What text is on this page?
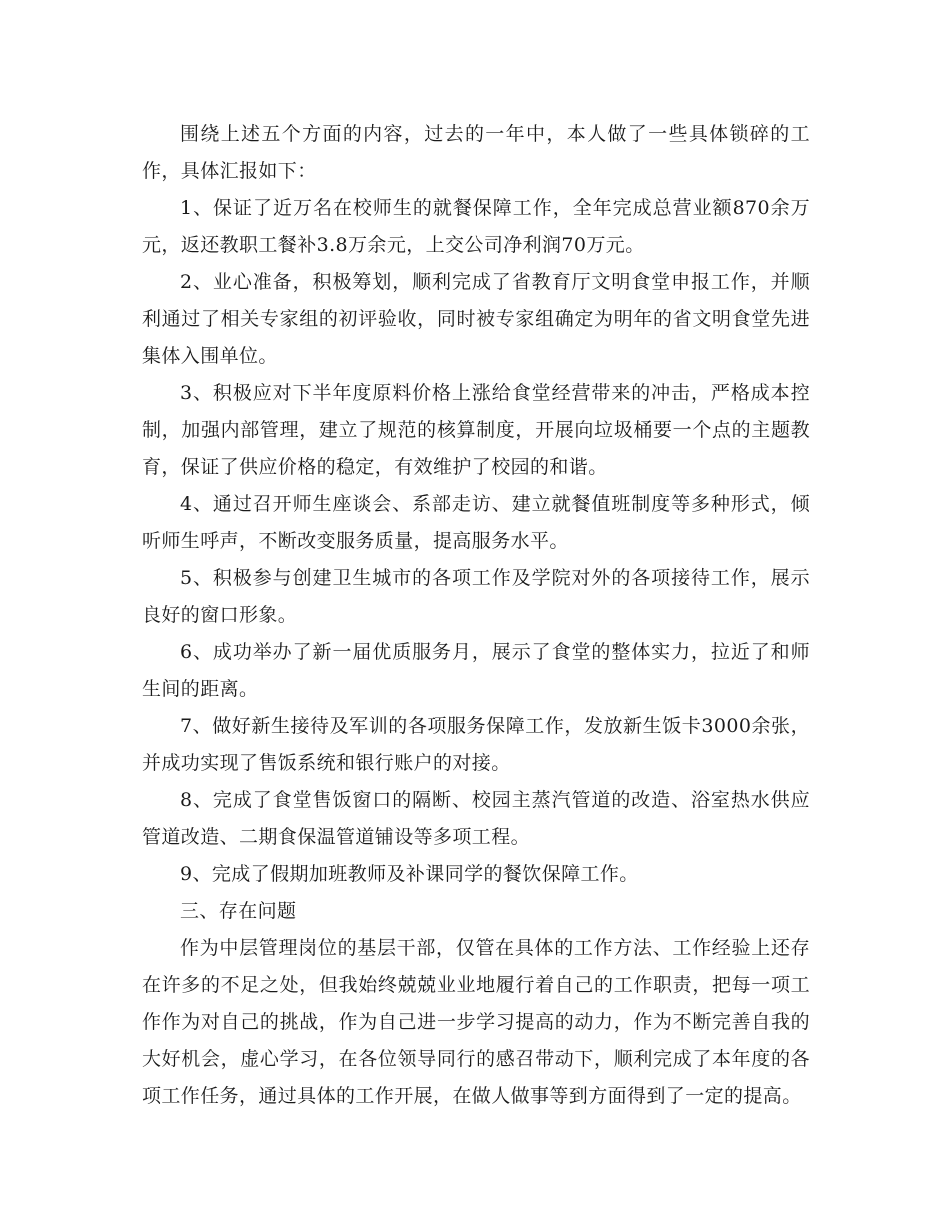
围绕上述五个方面的内容，过去的一年中，本人做了一些具体锁碎的工作，具体汇报如下：

1、保证了近万名在校师生的就餐保障工作，全年完成总营业额870余万元，返还教职工餐补3.8万余元，上交公司净利润70万元。

2、业心准备，积极筹划，顺利完成了省教育厅文明食堂申报工作，并顺利通过了相关专家组的初评验收，同时被专家组确定为明年的省文明食堂先进集体入围单位。

3、积极应对下半年度原料价格上涨给食堂经营带来的冲击，严格成本控制，加强内部管理，建立了规范的核算制度，开展向垃圾桶要一个点的主题教育，保证了供应价格的稳定，有效维护了校园的和谐。

4、通过召开师生座谈会、系部走访、建立就餐值班制度等多种形式，倾听师生呼声，不断改变服务质量，提高服务水平。

5、积极参与创建卫生城市的各项工作及学院对外的各项接待工作，展示良好的窗口形象。

6、成功举办了新一届优质服务月，展示了食堂的整体实力，拉近了和师生间的距离。

7、做好新生接待及军训的各项服务保障工作，发放新生饭卡3000余张，并成功实现了售饭系统和银行账户的对接。

8、完成了食堂售饭窗口的隔断、校园主蒸汽管道的改造、浴室热水供应管道改造、二期食保温管道铺设等多项工程。

9、完成了假期加班教师及补课同学的餐饮保障工作。

三、存在问题

作为中层管理岗位的基层干部，仅管在具体的工作方法、工作经验上还存在许多的不足之处，但我始终兢兢业业地履行着自己的工作职责，把每一项工作作为对自己的挑战，作为自己进一步学习提高的动力，作为不断完善自我的大好机会，虚心学习，在各位领导同行的感召带动下，顺利完成了本年度的各项工作任务，通过具体的工作开展，在做人做事等到方面得到了一定的提高。
